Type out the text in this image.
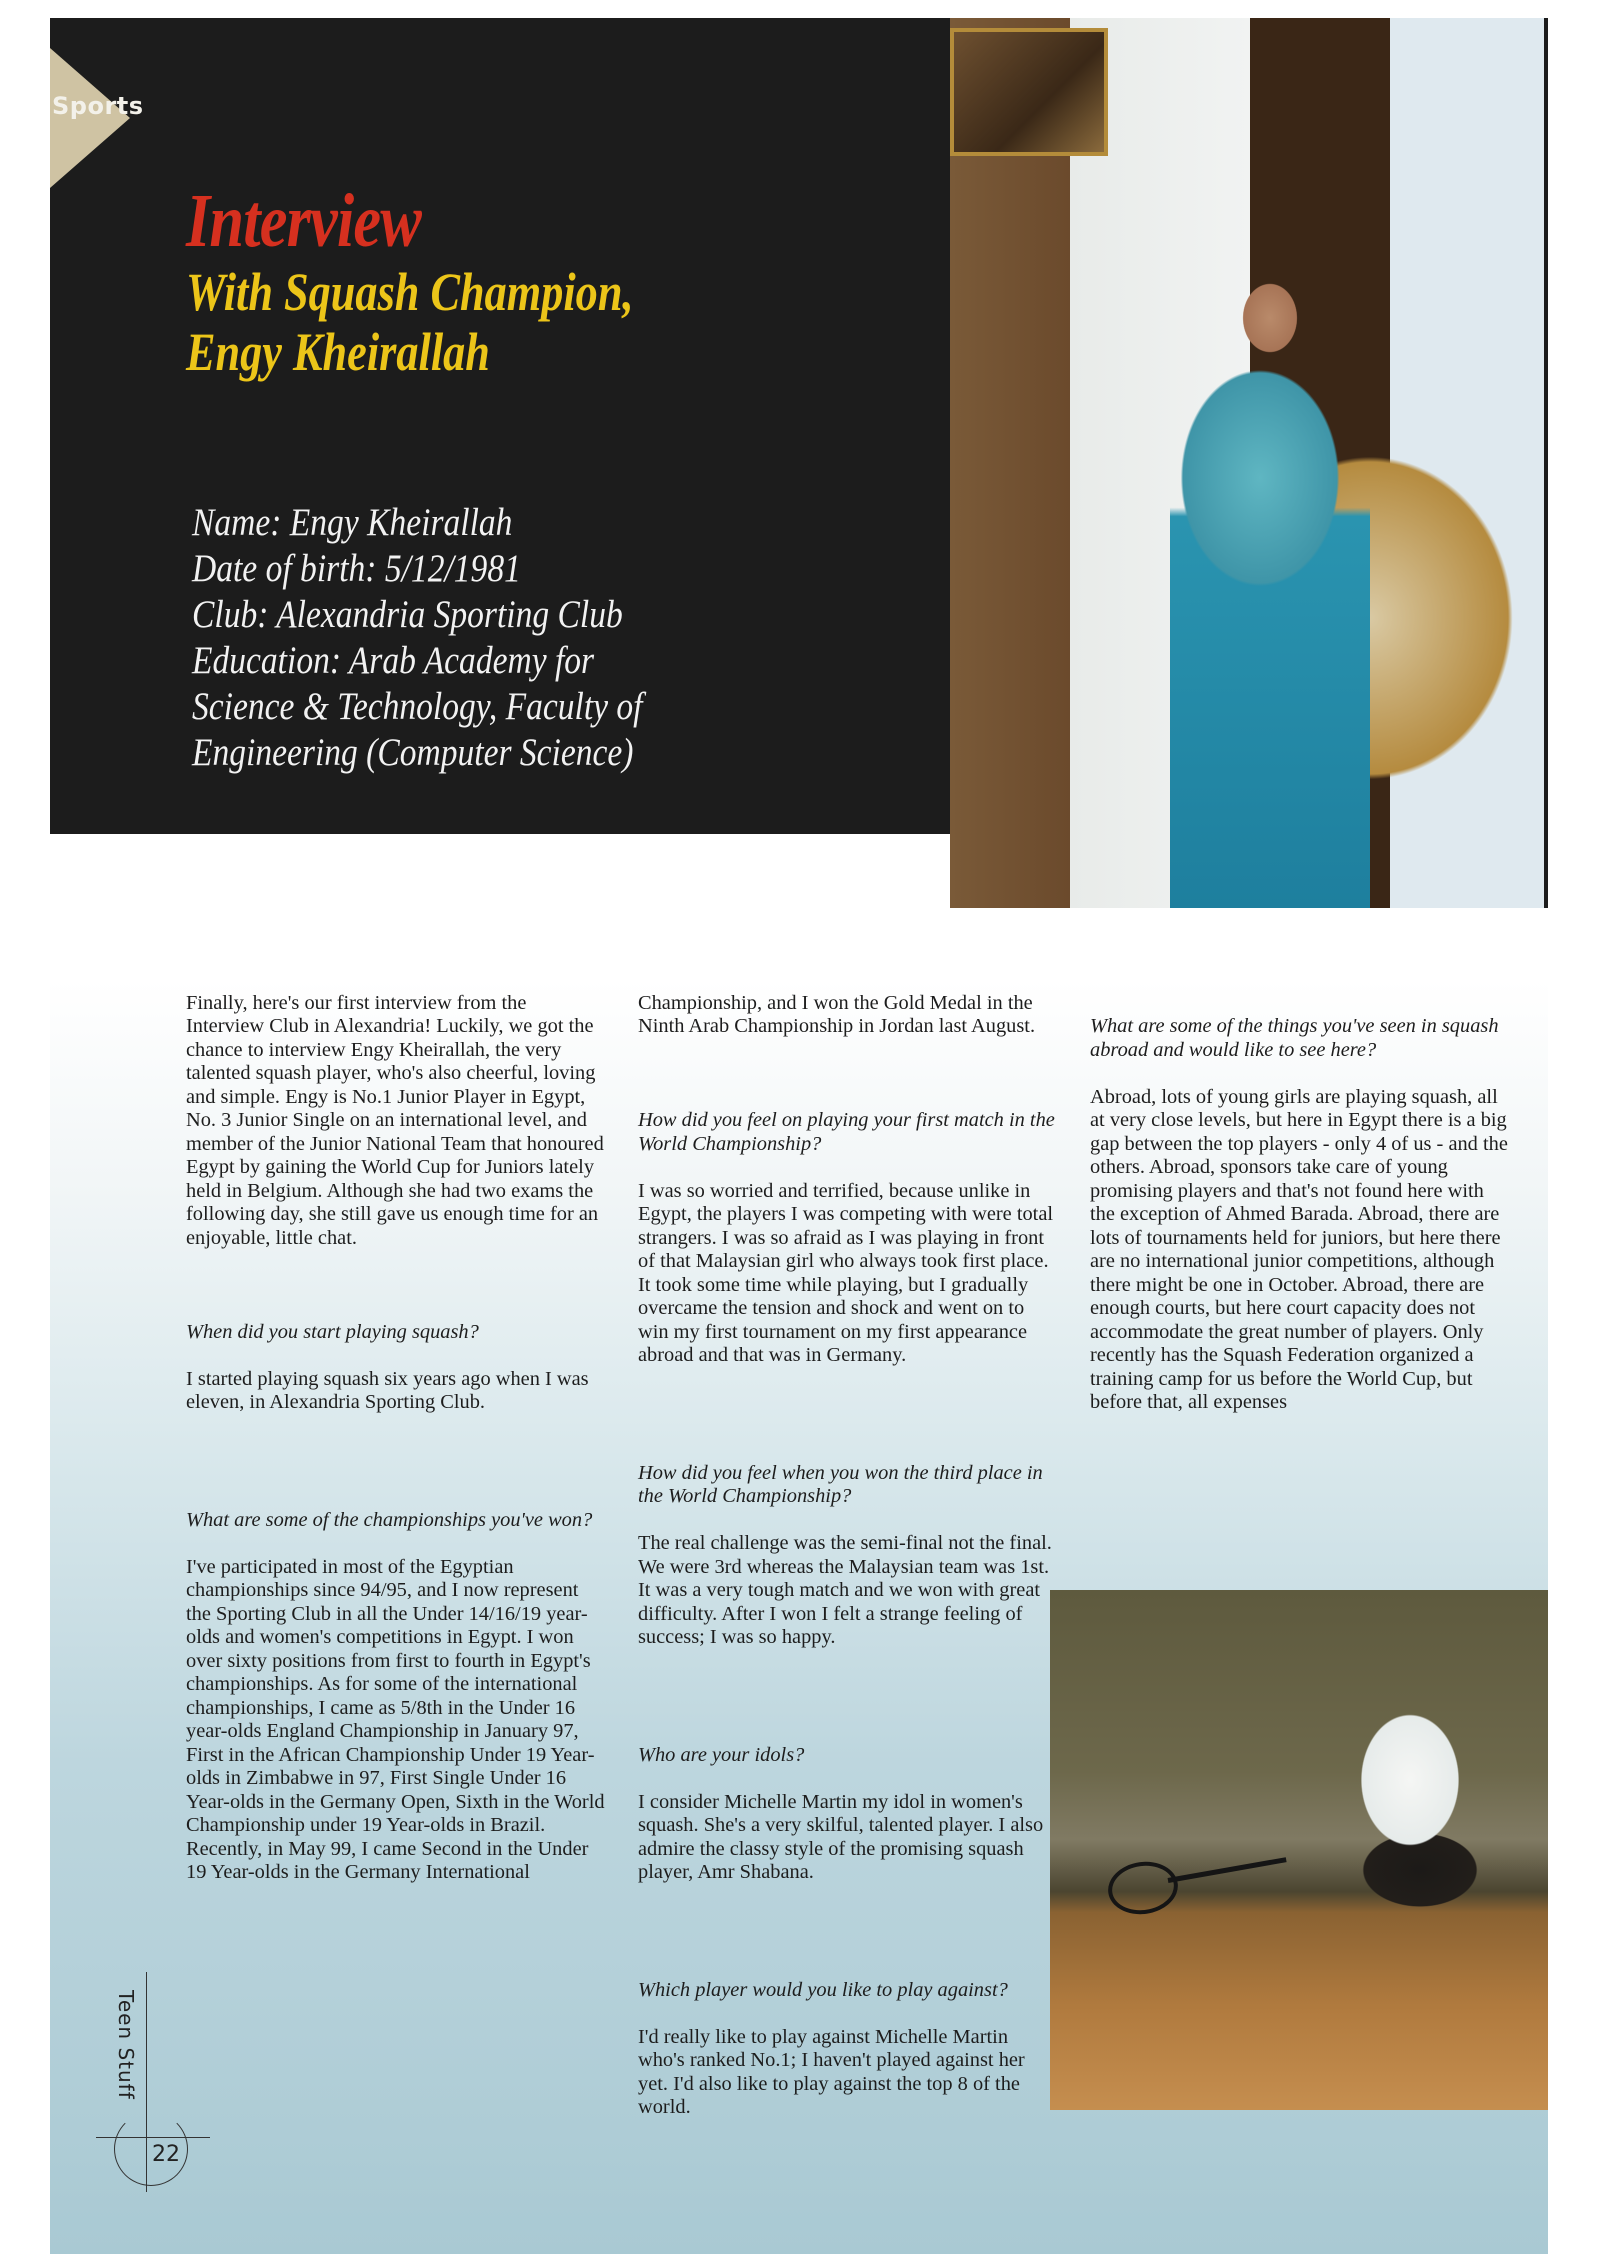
Sports
Interview
With Squash Champion,
Engy Kheirallah
Name: Engy Kheirallah
Date of birth: 5/12/1981
Club: Alexandria Sporting Club
Education: Arab Academy for
Science & Technology, Faculty of
Engineering (Computer Science)

Finally, here's our first interview from the Interview Club in Alexandria! Luckily, we got the chance to interview Engy Kheirallah, the very talented squash player, who's also cheerful, loving and simple. Engy is No.1 Junior Player in Egypt, No. 3 Junior Single on an international level, and member of the Junior National Team that honoured Egypt by gaining the World Cup for Juniors lately held in Belgium. Although she had two exams the following day, she still gave us enough time for an enjoyable, little chat.

When did you start playing squash?

I started playing squash six years ago when I was eleven, in Alexandria Sporting Club.

What are some of the championships you've won?

I've participated in most of the Egyptian championships since 94/95, and I now represent the Sporting Club in all the Under 14/16/19 year-olds and women's competitions in Egypt. I won over sixty positions from first to fourth in Egypt's championships. As for some of the international championships, I came as 5/8th in the Under 16 year-olds England Championship in January 97, First in the African Championship Under 19 Year-olds in Zimbabwe in 97, First Single Under 16 Year-olds in the Germany Open, Sixth in the World Championship under 19 Year-olds in Brazil. Recently, in May 99, I came Second in the Under 19 Year-olds in the Germany International

Championship, and I won the Gold Medal in the Ninth Arab Championship in Jordan last August.

How did you feel on playing your first match in the World Championship?

I was so worried and terrified, because unlike in Egypt, the players I was competing with were total strangers. I was so afraid as I was playing in front of that Malaysian girl who always took first place. It took some time while playing, but I gradually overcame the tension and shock and went on to win my first tournament on my first appearance abroad and that was in Germany.

How did you feel when you won the third place in the World Championship?

The real challenge was the semi-final not the final. We were 3rd whereas the Malaysian team was 1st. It was a very tough match and we won with great difficulty. After I won I felt a strange feeling of success; I was so happy.

Who are your idols?

I consider Michelle Martin my idol in women's squash. She's a very skilful, talented player. I also admire the classy style of the promising squash player, Amr Shabana.

Which player would you like to play against?

I'd really like to play against Michelle Martin who's ranked No.1; I haven't played against her yet. I'd also like to play against the top 8 of the world.

What are some of the things you've seen in squash abroad and would like to see here?

Abroad, lots of young girls are playing squash, all at very close levels, but here in Egypt there is a big gap between the top players - only 4 of us - and the others. Abroad, sponsors take care of young promising players and that's not found here with the exception of Ahmed Barada. Abroad, there are lots of tournaments held for juniors, but here there are no international junior competitions, although there might be one in October. Abroad, there are enough courts, but here court capacity does not accommodate the great number of players. Only recently has the Squash Federation organized a training camp for us before the World Cup, but before that, all expenses

Teen Stuff
22
